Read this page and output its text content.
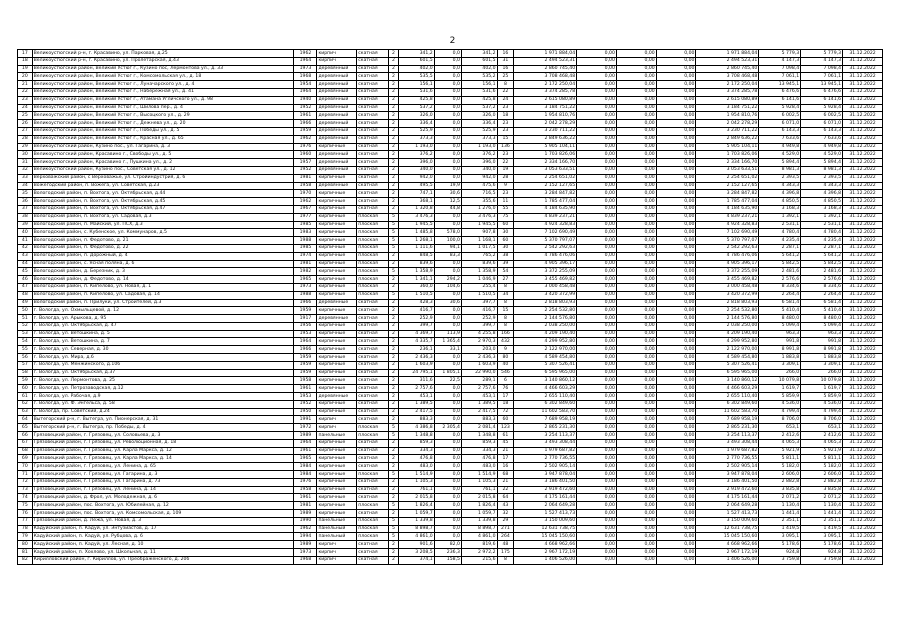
2
17	Великоустюгский р-н, г. Красавино, ул. Парковая, д.25	1962	кирпич	скатная	2	341,2	0,0	341,2	16	1 971 884,04	0,00	0,00	0,00	1 971 884,04	5 779,3	5 779,3	31.12.2022
18	Великоустюгский р-н, г. Красавино, ул. Пролетарская, д.43	1964	кирпич	скатная	2	601,5	0,0	601,5	31	2 494 523,31	0,00	0,00	0,00	2 494 523,31	4 147,3	4 147,3	31.12.2022
19	Великоустюгский район, Великий Устюг г., Кузино пос, Лермонтова ул., д. 33	1973	деревянный	скатная	2	402,0	0,0	402,0	16	2 860 745,40	0,00	0,00	0,00	2 860 745,40	7 098,4	7 098,4	31.12.2022
20	Великоустюгский район, Великий Устюг г., Комсомольская ул., д. 18	1968	деревянный	скатная	2	535,5	0,0	535,2	25	3 708 468,48	0,00	0,00	0,00	3 708 468,48	7 061,1	7 061,1	31.12.2022
21	Великоустюгский район, Великий Устюг г., Луначарского ул., д. 4	1954	деревянный	скатная	2	156,1	0,0	156,1	8	2 172 250,04	0,00	0,00	0,00	2 172 250,04	13 945,1	13 945,1	31.12.2022
22	Великоустюгский район, Великий Устюг г., Набережная ул., д. 41	1964	деревянный	скатная	2	531,6	0,0	531,6	22	3 374 285,78	0,00	0,00	0,00	3 374 285,78	6 476,6	6 476,6	31.12.2022
23	Великоустюгский район, Великий Устюг г., Атамана Угличского ул., д. 98	1940	деревянный	скатная	2	425,8	0,0	425,8	24	2 615 080,89	0,00	0,00	0,00	2 615 080,89	6 141,6	6 141,6	31.12.2022
24	Великоустюгский район, Великий Устюг г., Шилова пер., д. 4	1952	деревянный	скатная	2	537,2	0,0	537,2	23	3 184 751,22	0,00	0,00	0,00	3 184 751,22	5 928,4	5 928,4	31.12.2022
25	Великоустюгский район, Великий Устюг г., Высоцкого ул., д. 29	1961	деревянный	скатная	2	326,0	0,0	326,0	18	1 954 810,76	0,00	0,00	0,00	1 954 810,76	6 002,5	6 002,5	31.12.2022
26	Великоустюгский район, Великий Устюг г., Дежнева ул., д. 20	1966	деревянный	скатная	2	336,4	0,0	336,4	23	2 042 278,29	0,00	0,00	0,00	2 042 278,29	6 071,0	6 071,0	31.12.2022
27	Великоустюгский район, Великий Устюг г., Победы ул., д. 5	1959	деревянный	скатная	2	525,9	0,0	525,9	23	3 230 711,22	0,00	0,00	0,00	3 230 711,22	6 143,3	6 143,3	31.12.2022
28	Великоустюгский район, Великий Устюг г., Красная ул., д. 65	1962	деревянный	скатная	2	373,3	0,0	373,3	15	2 849 636,22	0,00	0,00	0,00	2 849 636,22	7 633,6	7 633,6	31.12.2022
29	Великоустюгский район, Кузино пос., ул. Гагарина, д. 3	1976	кирпичные	скатная	2	1 193,0	0,0	1 193,0	136	5 905 104,11	0,00	0,00	0,00	5 905 104,11	4 949,8	4 949,8	31.12.2022
30	Великоустюгский район, Красавино г., Свободы ул., д. 5	1960	деревянный	скатная	2	376,2	0,0	376,2	23	1 703 826,06	0,00	0,00	0,00	1 703 826,06	4 529,0	4 529,0	31.12.2022
31	Великоустюгский район, Красавино г., Пушкина ул., д. 2	1957	деревянный	скатная	2	396,0	0,0	396,0	22	2 334 166,70	0,00	0,00	0,00	2 334 166,70	5 894,4	5 894,4	31.12.2022
32	Великоустюгский район, Кузино пос., Советская ул., д. 12	1952	деревянный	скатная	2	340,0	0,0	340,0	19	3 053 633,51	0,00	0,00	0,00	3 053 633,51	8 981,3	8 981,3	31.12.2022
33	Верховажский район, с Верховажье, ул. Стройиндустрия, д. 6	1981	кирпичные	скатная	2	942,0	0,0	942,0	28	2 254 651,02	0,00	0,00	0,00	2 254 651,02	2 393,5	2 393,5	31.12.2022
34	Вожегодский район, п. Вожега, ул. Советская, д.23	1958	деревянные	скатная	2	495,5	19,9	475,6	9	2 152 127,65	0,00	0,00	0,00	2 152 127,65	4 343,3	4 343,3	31.12.2022
35	Вологодский район, п. Вохтога, ул. Октябрьская, д.44	1970	кирпичные	скатная	2	747,1	30,6	716,5	23	3 284 847,82	0,00	0,00	0,00	3 284 847,82	4 396,8	4 396,8	31.12.2022
36	Вологодский район, п. Вохтога, ул. Октябрьская, д.45	1962	кирпичные	скатная	2	368,1	12,5	355,6	11	1 785 477,04	0,00	0,00	0,00	1 785 477,04	4 850,5	4 850,5	31.12.2022
37	Вологодский район, п. Вохтога, ул. Октябрьская, д.47	1967	кирпичные	скатная	2	1 320,8	44,8	1 276,0	55	4 184 635,90	0,00	0,00	0,00	4 184 635,90	3 168,3	3 168,3	31.12.2022
38	Вологодский район, п. Вохтога, ул. Садовая, д.3	1977	кирпичные	плоская	5	3 476,3	0,0	3 476,3	75	4 839 237,21	0,00	0,00	0,00	4 839 237,21	1 392,1	1 392,1	31.12.2022
39	Вологодский район, п. Майский, ул. ПСХ, д.3	1985	кирпичные	плоская	5	1 945,5	0,0	1 945,5	60	4 924 328,83	0,00	0,00	0,00	4 924 328,83	2 531,1	2 531,1	31.12.2022
40	Вологодский район, с. Кубенское, ул. Коммунаров, д.5	1983	кирпичные	плоская	5	1 485,8	578,0	907,8	30	7 102 690,49	0,00	0,00	0,00	7 102 690,49	4 780,4	4 780,4	31.12.2022
41	Вологодский район, п. Федотово, д. 21	1988	кирпичные	плоская	5	1 268,1	100,0	1 168,1	60	5 370 797,07	0,00	0,00	0,00	5 370 797,07	4 235,4	4 235,4	31.12.2022
42	Вологодский район, п. Федотово, д. 22	1985	кирпичные	плоская	5	1 111,6	94,1	1 017,5	30	2 542 292,63	0,00	0,00	0,00	2 542 292,63	2 287,1	2 287,1	31.12.2022
43	Вологодский район, п. Дорожный, д. 4	1974	кирпичные	плоская	2	848,5	83,3	765,2	38	4 786 476,06	0,00	0,00	0,00	4 786 476,06	5 641,2	5 641,2	31.12.2022
44	Вологодский район, с. Ясная поляна, д. 6	1981	кирпичные	плоская	2	839,6	0,0	839,6	39	4 905 396,17	0,00	0,00	0,00	4 905 396,17	5 842,5	5 842,5	31.12.2022
45	Вологодский район, д. Березник, д. 3	1982	кирпичные	плоская	5	1 358,9	0,0	1 358,9	54	3 372 255,09	0,00	0,00	0,00	3 372 255,09	2 481,6	2 481,6	31.12.2022
46	Вологодский район, д. Федотово, д. 14	1965	кирпичные	плоская	2	1 341,1	294,2	1 046,9	27	3 455 469,82	0,00	0,00	0,00	3 455 469,82	2 576,6	2 576,6	31.12.2022
47	Вологодский район, п. Кипелово, ул. Новая, д. 1	1973	кирпичные	плоская	2	360,0	104,6	255,4	8	3 000 458,48	0,00	0,00	0,00	3 000 458,48	8 334,6	8 334,6	31.12.2022
48	Вологодский район, п. Кипелово, ул. Садовая, д. 14	1988	кирпичные	плоская	5	1 510,5	0,0	1 510,5	34	3 420 372,99	0,00	0,00	0,00	3 420 372,99	2 264,4	2 264,4	31.12.2022
49	Вологодский район, п. Прилуки, ул. Строителей, д.3	1966	деревянные	скатная	2	428,3	30,6	397,7	8	2 818 803,93	0,00	0,00	0,00	2 818 803,93	6 581,4	6 581,4	31.12.2022
50	г. Вологда, ул. Охмыльцевой, д. 12	1959	кирпичные	скатная	2	416,7	0,0	416,7	15	2 254 532,80	0,00	0,00	0,00	2 254 532,80	5 410,4	5 410,4	31.12.2022
51	г. Вологда, ул. Арыкова, д. 95	1917	деревянные	скатная	2	252,9	0,0	252,9	8	2 144 576,80	0,00	0,00	0,00	2 144 576,80	8 480,0	8 480,0	31.12.2022
52	г. Вологда, ул. Октябрьская, д. 47	1956	кирпичные	скатная	2	399,7	0,0	399,7	8	2 038 250,00	0,00	0,00	0,00	2 038 250,00	5 099,4	5 099,4	31.12.2022
53	г. Вологда, ул. Ветошкина, д. 5	1953	кирпичные	скатная	2	4 369,7	113,9	4 255,8	166	4 209 190,40	0,00	0,00	0,00	4 209 190,40	963,3	963,3	31.12.2022
54	г. Вологда, ул. Ветошкина, д. 7	1964	кирпичные	скатная	2	4 335,7	1 365,4	2 970,3	432	4 299 952,80	0,00	0,00	0,00	4 299 952,80	991,8	991,8	31.12.2022
55	г. Вологда, ул. Северная, д. 30	1966	кирпичные	скатная	2	236,1	33,1	203,0	9	2 122 970,00	0,00	0,00	0,00	2 122 970,00	8 991,8	8 991,8	31.12.2022
56	г. Вологда, ул. Мира, д.6	1959	кирпичные	скатная	2	2 436,3	0,0	2 436,3	80	4 589 454,80	0,00	0,00	0,00	4 589 454,80	1 883,8	1 883,8	31.12.2022
57	г. Вологда, ул. Менжинского, д.106	1959	кирпичные	скатная	2	1 603,9	0,0	1 603,9	40	5 307 526,41	0,00	0,00	0,00	5 307 526,41	3 309,1	3 309,1	31.12.2022
58	г. Вологда, ул. Октябрьская, д.37	1959	кирпичные	скатная	2	24 795,1	1 805,1	22 990,0	546	6 595 965,00	0,00	0,00	0,00	6 595 965,00	266,0	266,0	31.12.2022
59	г. Вологда, ул. Лермонтова, д. 25	1958	кирпичные	скатная	2	311,6	22,5	289,1	6	3 140 860,12	0,00	0,00	0,00	3 140 860,12	10 079,8	10 079,8	31.12.2022
60	г. Вологда, ул. Петрозаводская, д.12	1961	кирпичные	скатная	2	2 757,6	0,0	2 757,6	76	4 466 603,29	0,00	0,00	0,00	4 466 603,29	1 619,7	1 619,7	31.12.2022
61	г. Вологда, ул. Рабочая, д.9	1953	деревянные	скатная	2	453,1	0,0	453,1	17	2 655 110,40	0,00	0,00	0,00	2 655 110,40	5 859,9	5 859,9	31.12.2022
62	г. Вологда, ул. Ф. Энгельса, д. 58	1952	кирпичные	скатная	2	1 389,5	0,0	1 389,5	18	6 302 849,60	0,00	0,00	0,00	6 302 849,60	4 536,0	4 536,0	31.12.2022
63	г. Вологда, пр. Советский, д.24	1950	кирпичные	скатная	2	2 417,5	0,0	2 417,5	72	11 602 583,70	0,00	0,00	0,00	11 602 583,70	4 799,4	4 799,4	31.12.2022
64	Вытегорский р-н, г. Вытегра, ул. Пионерская, д. 31	1991	кирпич	скатная	2	883,3	0,0	883,3	60	7 689 958,19	0,00	0,00	0,00	7 689 958,19	8 706,0	8 706,0	31.12.2022
65	Вытегорский р-н, г. Вытегра, пр. Победы, д. 4	1972	кирпич	плоская	5	4 386,8	2 305,4	2 081,4	123	2 865 231,30	0,00	0,00	0,00	2 865 231,30	653,1	653,1	31.12.2022
66	Грязовецкий район, г. Грязовец, ул. Соловьева, д. 3	1989	панельные	плоская	5	1 348,8	0,0	1 348,8	61	3 254 113,37	0,00	0,00	0,00	3 254 113,37	2 412,6	2 412,6	31.12.2022
67	Грязовецкий район, г. Грязовец, ул. Революционная, д. 18	1964	кирпичные	скатная	2	859,3	0,0	859,3	45	3 493 308,44	0,00	0,00	0,00	3 493 308,44	4 065,3	4 065,3	31.12.2022
68	Грязовецкий район, г. Грязовец, ул. Карла Маркса, д. 12	1961	кирпичные	скатная	2	334,3	0,0	334,3	21	1 979 687,82	0,00	0,00	0,00	1 979 687,82	5 921,9	5 921,9	31.12.2022
69	Грязовецкий район, г. Грязовец, ул. Карла Маркса, д. 14	1965	кирпичные	скатная	2	476,8	0,0	476,8	17	2 770 736,55	0,00	0,00	0,00	2 770 736,55	5 811,1	5 811,1	31.12.2022
70	Грязовецкий район, г. Грязовец, ул. Ленина, д. 65	1984	кирпичные	скатная	2	483,0	0,0	483,0	16	2 502 905,14	0,00	0,00	0,00	2 502 905,14	5 182,0	5 182,0	31.12.2022
71	Грязовецкий район, г. Грязовец, ул. Гагарина, д. 3	1984	кирпичные	плоская	5	1 514,9	0,0	1 514,9	68	3 947 878,04	0,00	0,00	0,00	3 947 878,04	2 606,0	2 606,0	31.12.2022
72	Грязовецкий район, г. Грязовец, ул. Гагарина, д. 73	1976	кирпичные	скатная	2	1 105,3	0,0	1 105,3	21	3 186 401,50	0,00	0,00	0,00	3 186 401,50	2 882,8	2 882,8	31.12.2022
73	Грязовецкий район, г. Грязовец, ул. Ленина, д. 14	1958	кирпичные	скатная	2	761,1	0,0	761,1	22	2 919 472,60	0,00	0,00	0,00	2 919 472,60	3 835,8	3 835,8	31.12.2022
74	Грязовецкий район, д. Фрол, ул. Молодежная, д. 6	1961	кирпичные	скатная	2	2 015,8	0,0	2 015,8	64	4 175 161,44	0,00	0,00	0,00	4 175 161,44	2 071,2	2 071,2	31.12.2022
75	Грязовецкий район, пос. Вохтога, ул. Юбилейная, д. 12	1981	кирпичные	плоская	5	1 826,4	0,0	1 826,4	43	2 064 649,28	0,00	0,00	0,00	2 064 649,28	1 130,4	1 130,4	31.12.2022
76	Грязовецкий район, пос. Вохтога, ул. Комсомольская, д. 109	1989	кирпичные	скатная	2	1 059,7	0,0	1 059,7	32	1 527 413,73	0,00	0,00	0,00	1 527 413,73	1 441,4	1 441,4	31.12.2022
77	Грязовецкий район, д. Лежа, ул. Новая, д. 3	1990	панельные	плоская	5	1 339,8	0,0	1 339,8	29	3 150 009,60	0,00	0,00	0,00	3 150 009,60	2 351,1	2 351,1	31.12.2022
78	Кадуйский район, п. Кадуй, ул. Энтузиастов, д. 17	1962	панельный	плоская	5	8 898,7	0,0	8 898,7	271	12 631 738,75	0,00	0,00	0,00	12 631 738,75	1 419,5	1 419,5	31.12.2022
79	Кадуйский район, п. Кадуй, ул. Рубцова, д. 6	1994	панельный	плоская	5	4 861,0	0,0	4 861,0	264	15 045 150,60	0,00	0,00	0,00	15 045 150,60	3 095,1	3 095,1	31.12.2022
80	Кадуйский район, п. Кадуй, ул. Лесная, д. 10	1989	кирпич	скатная	2	901,6	82,0	819,6	48	4 668 962,66	0,00	0,00	0,00	4 668 962,66	5 178,6	5 178,6	31.12.2022
81	Кадуйский район, п. Хохлово, ул. Школьная, д. 11	1973	кирпич	скатная	2	3 208,5	236,3	2 972,2	175	2 967 172,19	0,00	0,00	0,00	2 967 172,19	924,8	924,8	31.12.2022
82	Кирилловский район, г. Кириллов, ул. Преображенского, д. 20б	1968	кирпич	скатная	2	374,1	158,5	215,6	8	1 406 526,00	0,00	0,00	0,00	1 406 526,00	3 759,8	3 759,8	31.12.2022
